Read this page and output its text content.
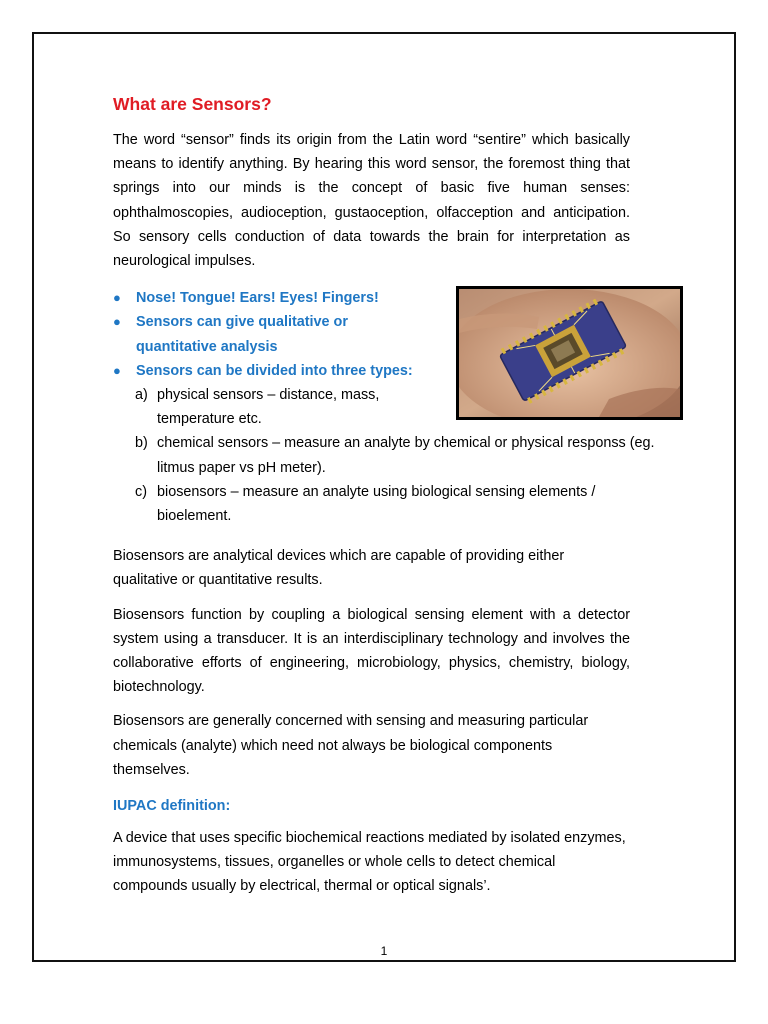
What are Sensors?

The word “sensor” finds its origin from the Latin word “sentire” which basically means to identify anything. By hearing this word sensor, the foremost thing that springs into our minds is the concept of basic five human senses: ophthalmoscopies, audioception, gustaoception, olfacception and anticipation. So sensory cells conduction of data towards the brain for interpretation as neurological impulses.

● Nose! Tongue! Ears! Eyes! Fingers!
● Sensors can give qualitative or quantitative analysis
● Sensors can be divided into three types:
a) physical sensors – distance, mass, temperature etc.
b) chemical sensors – measure an analyte by chemical or physical responss (eg. litmus paper vs pH meter).
c) biosensors – measure an analyte using biological sensing elements / bioelement.

Biosensors are analytical devices which are capable of providing either qualitative or quantitative results.

Biosensors function by coupling a biological sensing element with a detector system using a transducer. It is an interdisciplinary technology and involves the collaborative efforts of engineering, microbiology, physics, chemistry, biology, biotechnology.

Biosensors are generally concerned with sensing and measuring particular chemicals (analyte) which need not always be biological components themselves.

IUPAC definition:

A device that uses specific biochemical reactions mediated by isolated enzymes, immunosystems, tissues, organelles or whole cells to detect chemical compounds usually by electrical, thermal or optical signals’.

1
